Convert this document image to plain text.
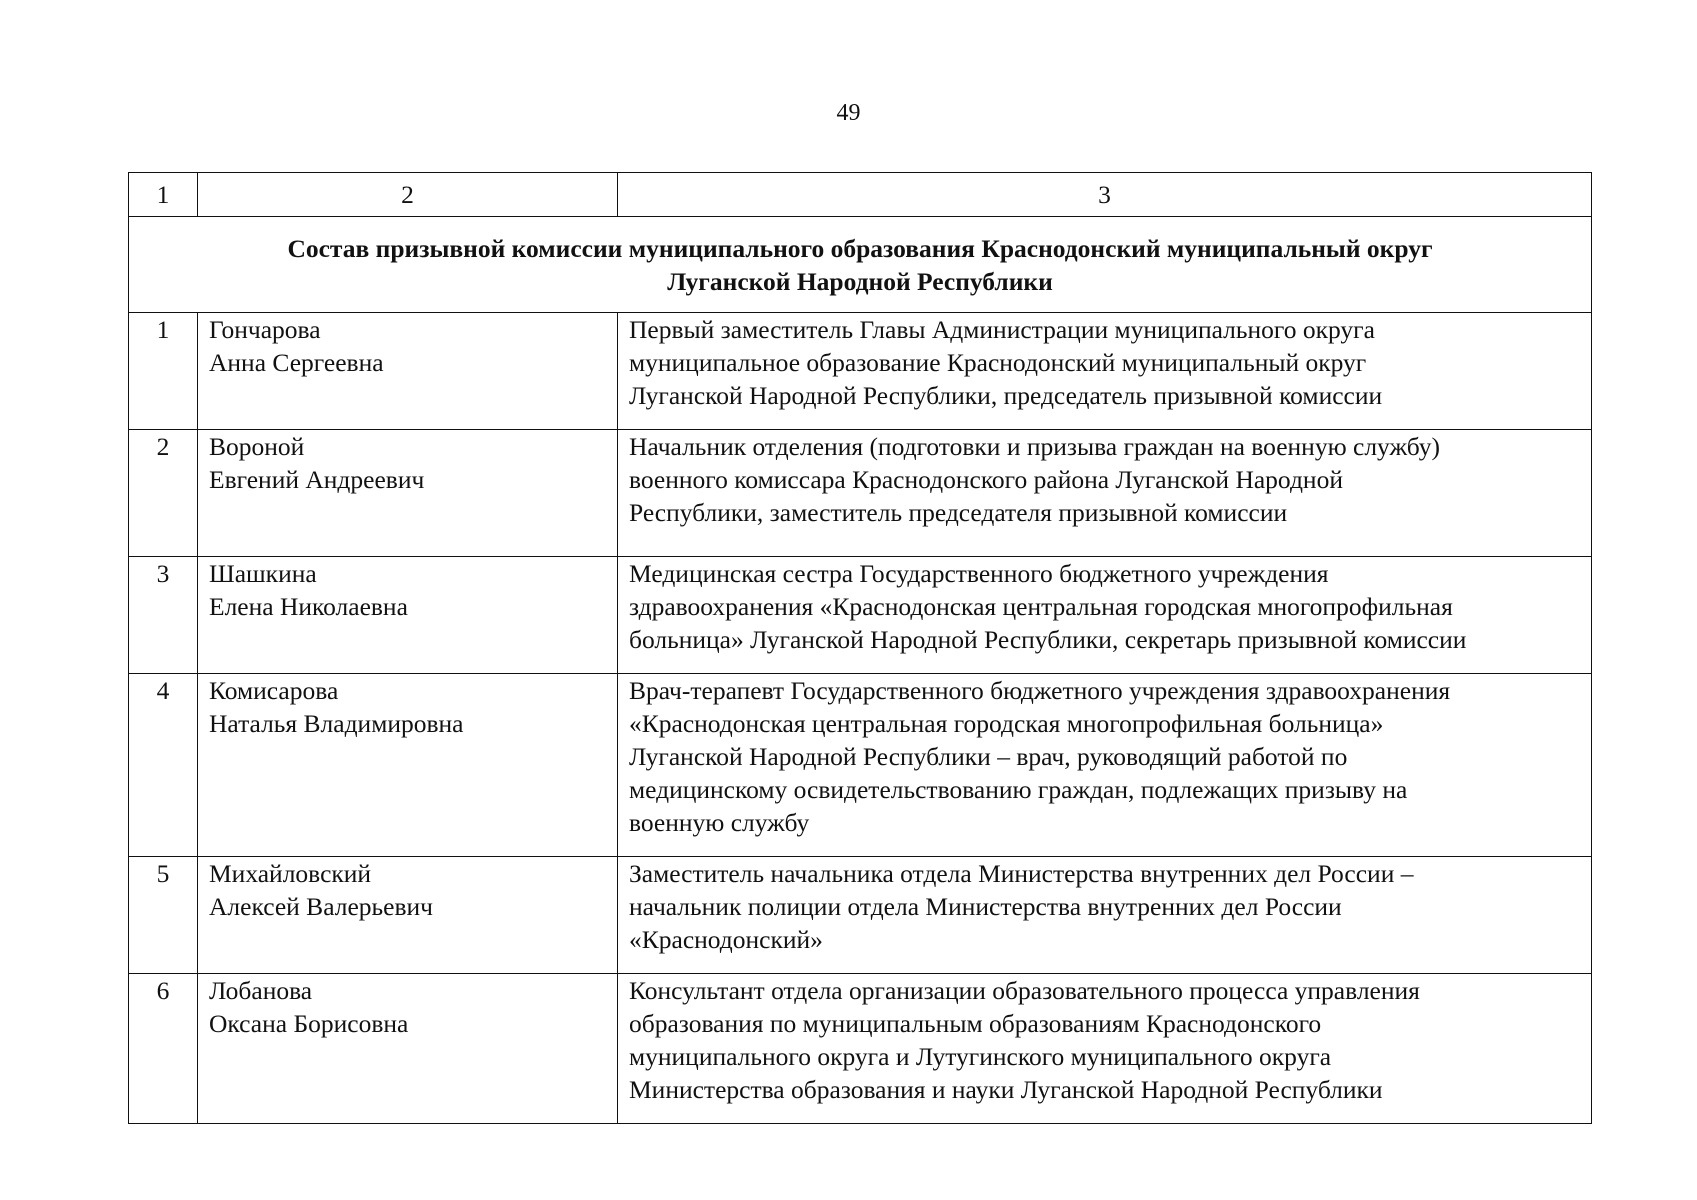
49
1	2	3

Состав призывной комиссии муниципального образования Краснодонский муниципальный округ
Луганской Народной Республики		

1	Гончарова
Анна Сергеевна	Первый заместитель Главы Администрации муниципального округа
муниципальное образование Краснодонский муниципальный округ
Луганской Народной Республики, председатель призывной комиссии

2	Вороной
Евгений Андреевич	Начальник отделения (подготовки и призыва граждан на военную службу)
военного комиссара Краснодонского района Луганской Народной
Республики, заместитель председателя призывной комиссии

3	Шашкина
Елена Николаевна	Медицинская сестра Государственного бюджетного учреждения
здравоохранения «Краснодонская центральная городская многопрофильная
больница» Луганской Народной Республики, секретарь призывной комиссии

4	Комисарова
Наталья Владимировна	Врач-терапевт Государственного бюджетного учреждения здравоохранения
«Краснодонская центральная городская многопрофильная больница»
Луганской Народной Республики – врач, руководящий работой по
медицинскому освидетельствованию граждан, подлежащих призыву на
военную службу

5	Михайловский
Алексей Валерьевич	Заместитель начальника отдела Министерства внутренних дел России –
начальник полиции отдела Министерства внутренних дел России
«Краснодонский»

6	Лобанова
Оксана Борисовна	Консультант отдела организации образовательного процесса управления
образования по муниципальным образованиям Краснодонского
муниципального округа и Лутугинского муниципального округа
Министерства образования и науки Луганской Народной Республики
